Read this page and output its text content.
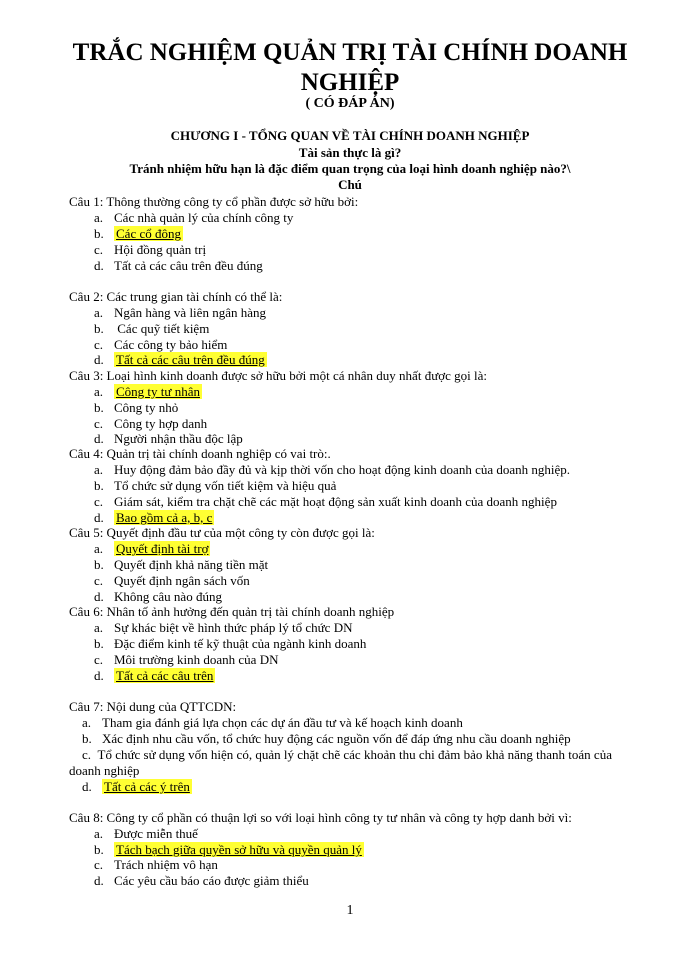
TRẮC NGHIỆM QUẢN TRỊ TÀI CHÍNH DOANH NGHIỆP
( CÓ ĐÁP ÁN)
CHƯƠNG I - TỔNG QUAN VỀ TÀI CHÍNH DOANH NGHIỆP
Tài sản thực là gì?
Tránh nhiệm hữu hạn là đặc điểm quan trọng của loại hình doanh nghiệp nào?\
Chú
Câu 1: Thông thường công ty cổ phần được sở hữu bởi:
a. Các nhà quản lý của chính công ty
b. Các cổ đông
c. Hội đồng quản trị
d. Tất cả các câu trên đều đúng
Câu 2: Các trung gian tài chính có thể là:
a. Ngân hàng và liên ngân hàng
b. Các quỹ tiết kiệm
c. Các công ty bảo hiểm
d. Tất cả các câu trên đều đúng
Câu 3: Loại hình kinh doanh được sở hữu bởi một cá nhân duy nhất được gọi là:
a. Công ty tư nhân
b. Công ty nhỏ
c. Công ty hợp danh
d. Người nhận thầu độc lập
Câu 4: Quản trị tài chính doanh nghiệp có vai trò:.
a. Huy động đảm bảo đầy đủ và kịp thời vốn cho hoạt động kinh doanh của doanh nghiệp.
b. Tổ chức sử dụng vốn tiết kiệm và hiệu quả
c. Giám sát, kiểm tra chặt chẽ các mặt hoạt động sản xuất kinh doanh của doanh nghiệp
d. Bao gồm cả a, b, c
Câu 5: Quyết định đầu tư của một công ty còn được gọi là:
a. Quyết định tài trợ
b. Quyết định khả năng tiền mặt
c. Quyết định ngân sách vốn
d. Không câu nào đúng
Câu 6: Nhân tố ảnh hưởng đến quản trị tài chính doanh nghiệp
a. Sự khác biệt về hình thức pháp lý tổ chức DN
b. Đặc điểm kinh tế kỹ thuật của ngành kinh doanh
c. Môi trường kinh doanh của DN
d. Tất cả các câu trên
Câu 7: Nội dung của QTTCDN:
a. Tham gia đánh giá lựa chọn các dự án đầu tư và kế hoạch kinh doanh
b. Xác định nhu cầu vốn, tổ chức huy động các nguồn vốn để đáp ứng nhu cầu doanh nghiệp
c. Tổ chức sử dụng vốn hiện có, quản lý chặt chẽ các khoản thu chi đảm bảo khả năng thanh toán của doanh nghiệp
d. Tất cả các ý trên
Câu 8: Công ty cổ phần có thuận lợi so với loại hình công ty tư nhân và công ty hợp danh bởi vì:
a. Được miễn thuế
b. Tách bạch giữa quyền sở hữu và quyền quản lý
c. Trách nhiệm vô hạn
d. Các yêu cầu báo cáo được giảm thiểu
1
